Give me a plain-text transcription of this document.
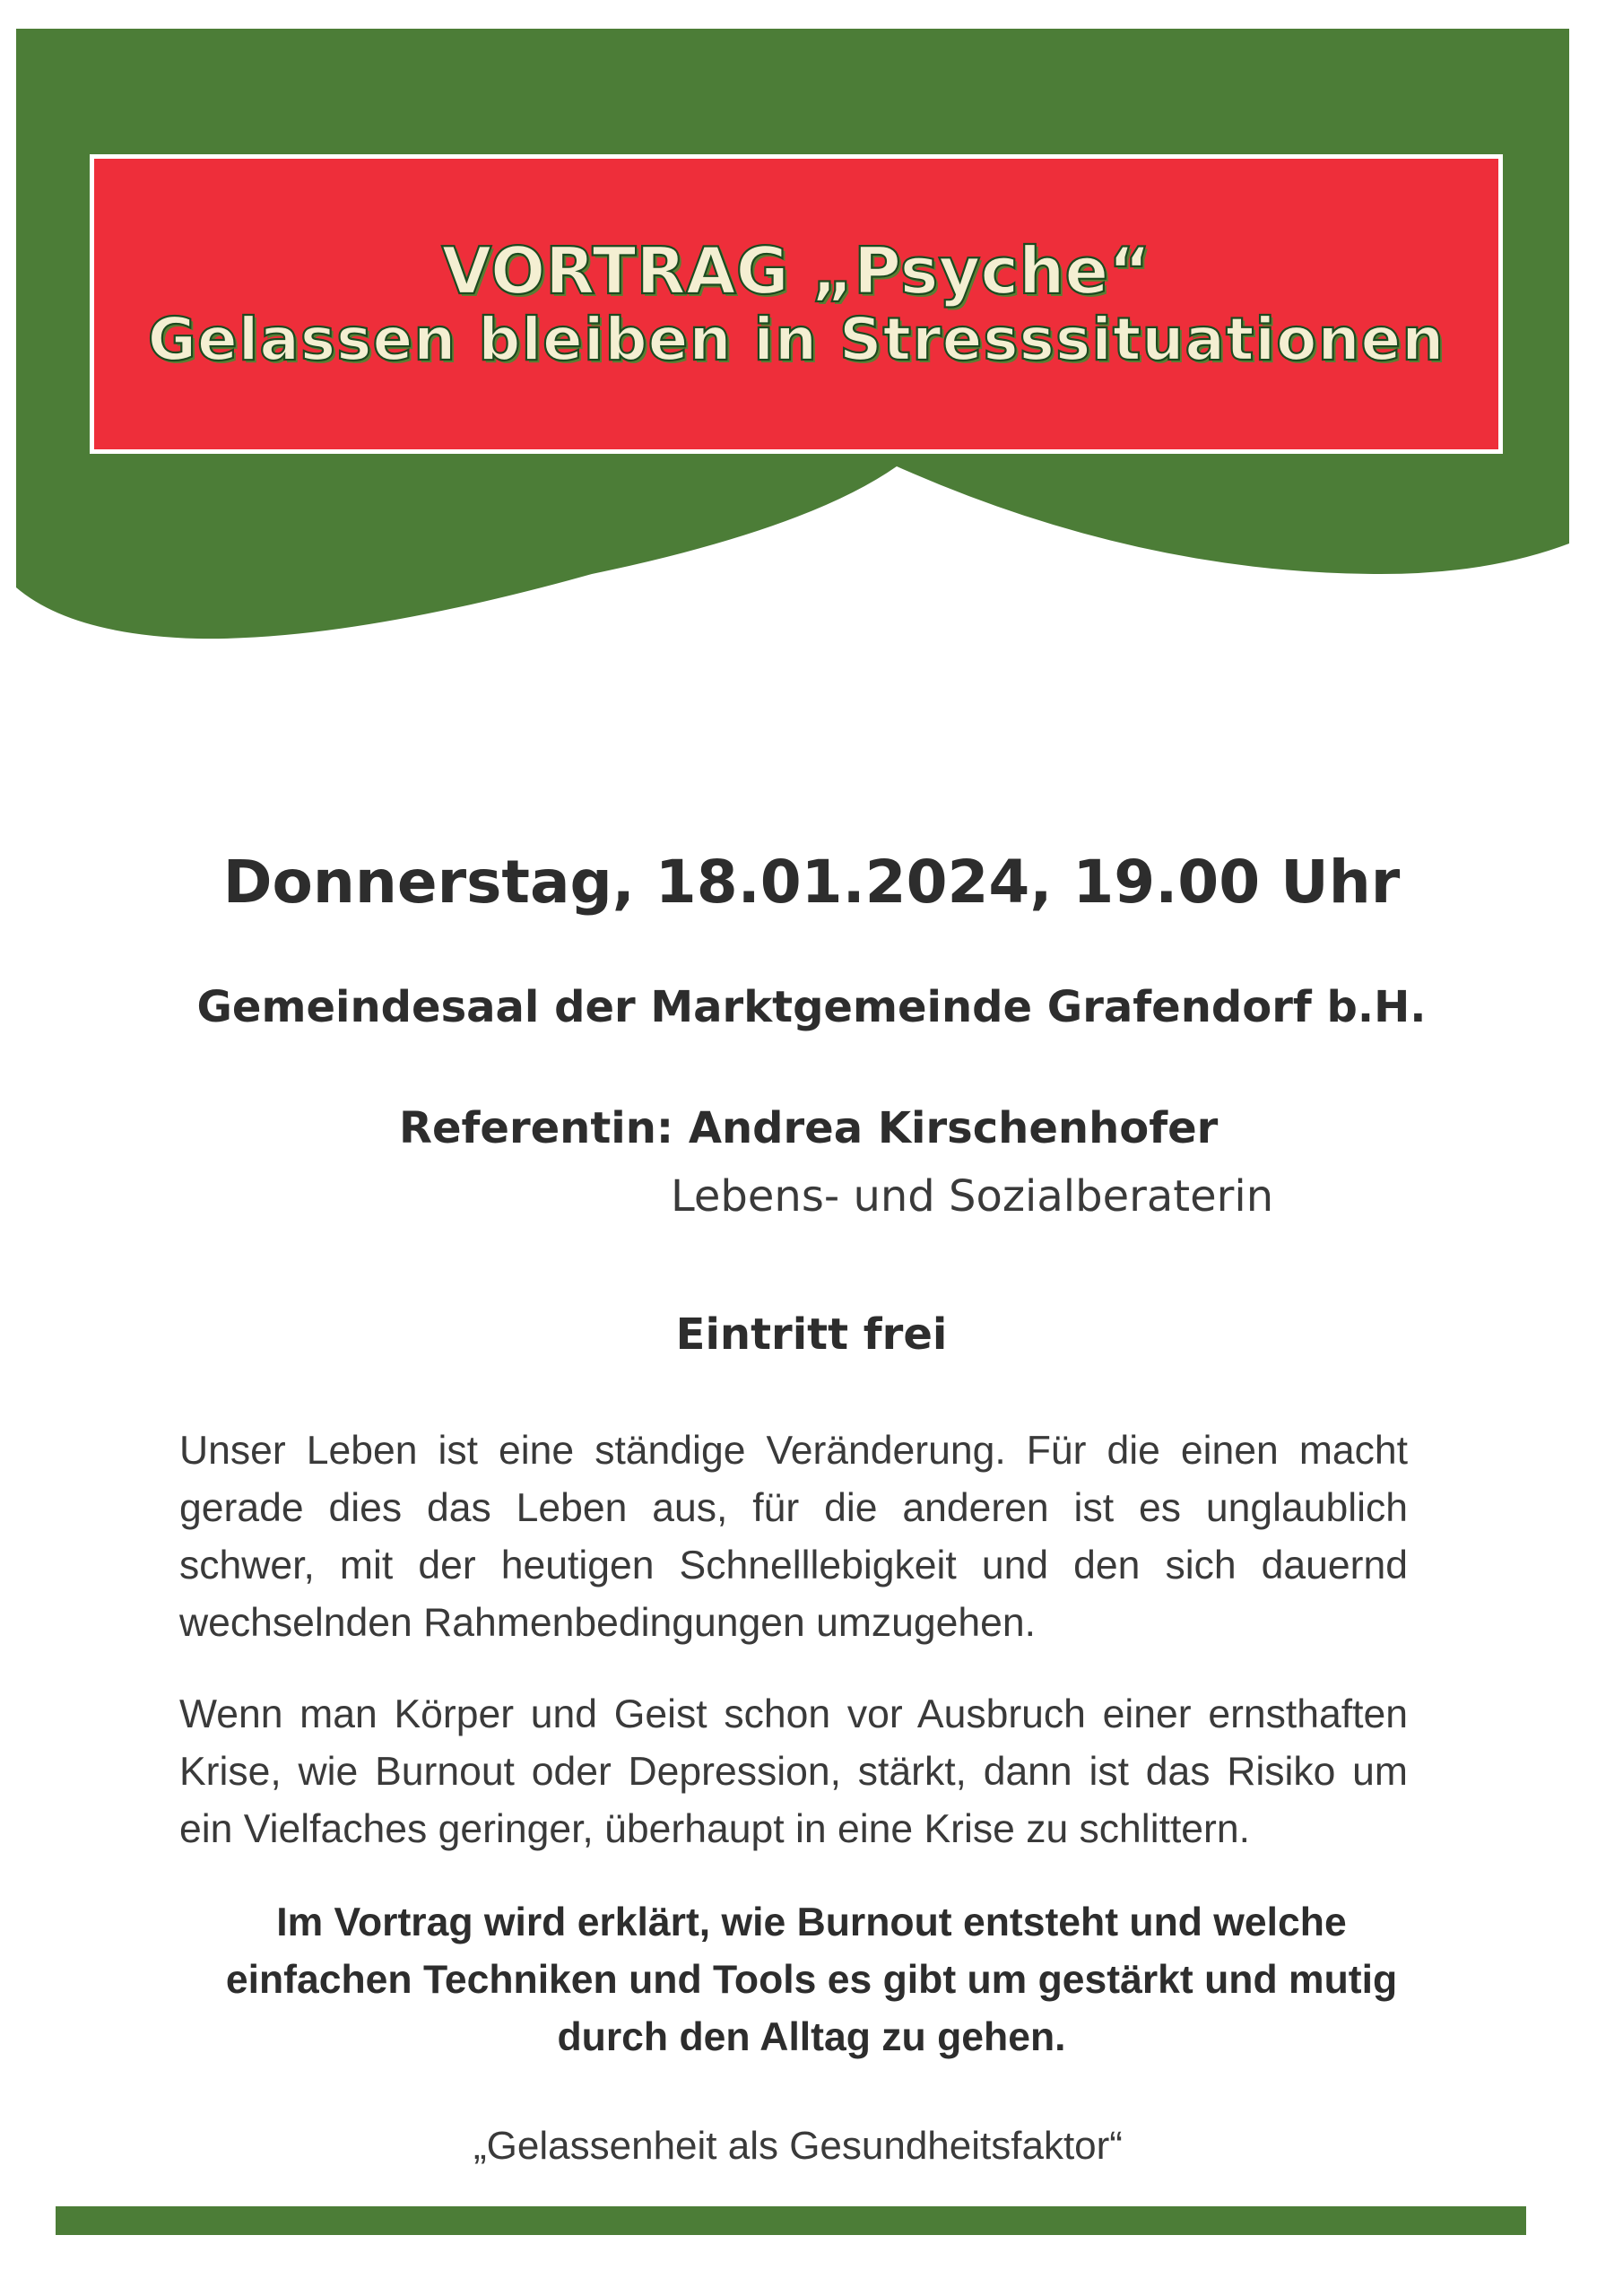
VORTRAG „Psyche“
Gelassen bleiben in Stresssituationen
Donnerstag, 18.01.2024, 19.00 Uhr
Gemeindesaal der Marktgemeinde Grafendorf b.H.
Referentin: Andrea Kirschenhofer
Lebens- und Sozialberaterin
Eintritt frei
Unser Leben ist eine ständige Veränderung. Für die einen macht gerade dies das Leben aus, für die anderen ist es unglaublich schwer, mit der heutigen Schnelllebigkeit und den sich dauernd wechselnden Rahmenbedingungen umzugehen.
Wenn man Körper und Geist schon vor Ausbruch einer ernsthaften Krise, wie Burnout oder Depression, stärkt, dann ist das Risiko um ein Vielfaches geringer, überhaupt in eine Krise zu schlittern.
Im Vortrag wird erklärt, wie Burnout entsteht und welche einfachen Techniken und Tools es gibt um gestärkt und mutig durch den Alltag zu gehen.
„Gelassenheit als Gesundheitsfaktor“
